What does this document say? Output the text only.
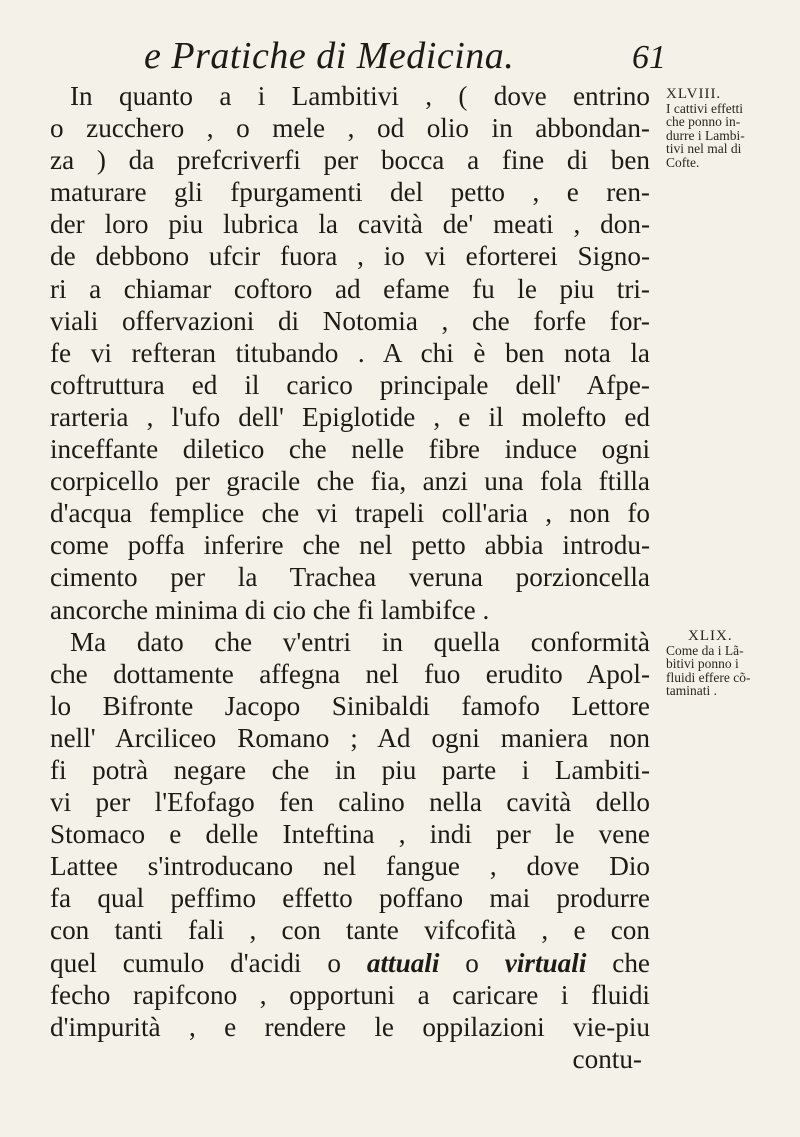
e Pratiche di Medicina.	61
In quanto a i Lambitivi , ( dove entrino
o zucchero , o mele , od olio in abbondan-
za ) da prefcriverfi per bocca a fine di ben
maturare gli fpurgamenti del petto , e ren-
der loro piu lubrica la cavità de' meati , don-
de debbono ufcir fuora , io vi eforterei Signo-
ri a chiamar coftoro ad efame fu le piu tri-
viali offervazioni di Notomia , che forfe for-
fe vi refteran titubando . A chi è ben nota la
coftruttura ed il carico principale dell' Afpe-
rarteria , l'ufo dell' Epiglotide , e il molefto ed
inceffante diletico che nelle fibre induce ogni
corpicello per gracile che fia, anzi una fola ftilla
d'acqua femplice che vi trapeli coll'aria , non fo
come poffa inferire che nel petto abbia introdu-
cimento per la Trachea veruna porzioncella
ancorche minima di cio che fi lambifce .
Ma dato che v'entri in quella conformità
che dottamente affegna nel fuo erudito Apol-
lo Bifronte Jacopo Sinibaldi famofo Lettore
nell' Arciliceo Romano ; Ad ogni maniera non
fi potrà negare che in piu parte i Lambiti-
vi per l'Efofago fen calino nella cavità dello
Stomaco e delle Inteftina , indi per le vene
Lattee s'introducano nel fangue , dove Dio
fa qual peffimo effetto poffano mai produrre
con tanti fali , con tante vifcofità , e con
quel cumulo d'acidi o attuali o virtuali che
fecho rapifcono , opportuni a caricare i fluidi
d'impurità , e rendere le oppilazioni vie-piu
contu-
XLVIII.
I cattivi effetti
che ponno in-
durre i Lambi-
tivi nel mal di
Cofte.
XLIX.
Come da i Lã-
bitivi ponno i
fluidi effere cõ-
taminati .
